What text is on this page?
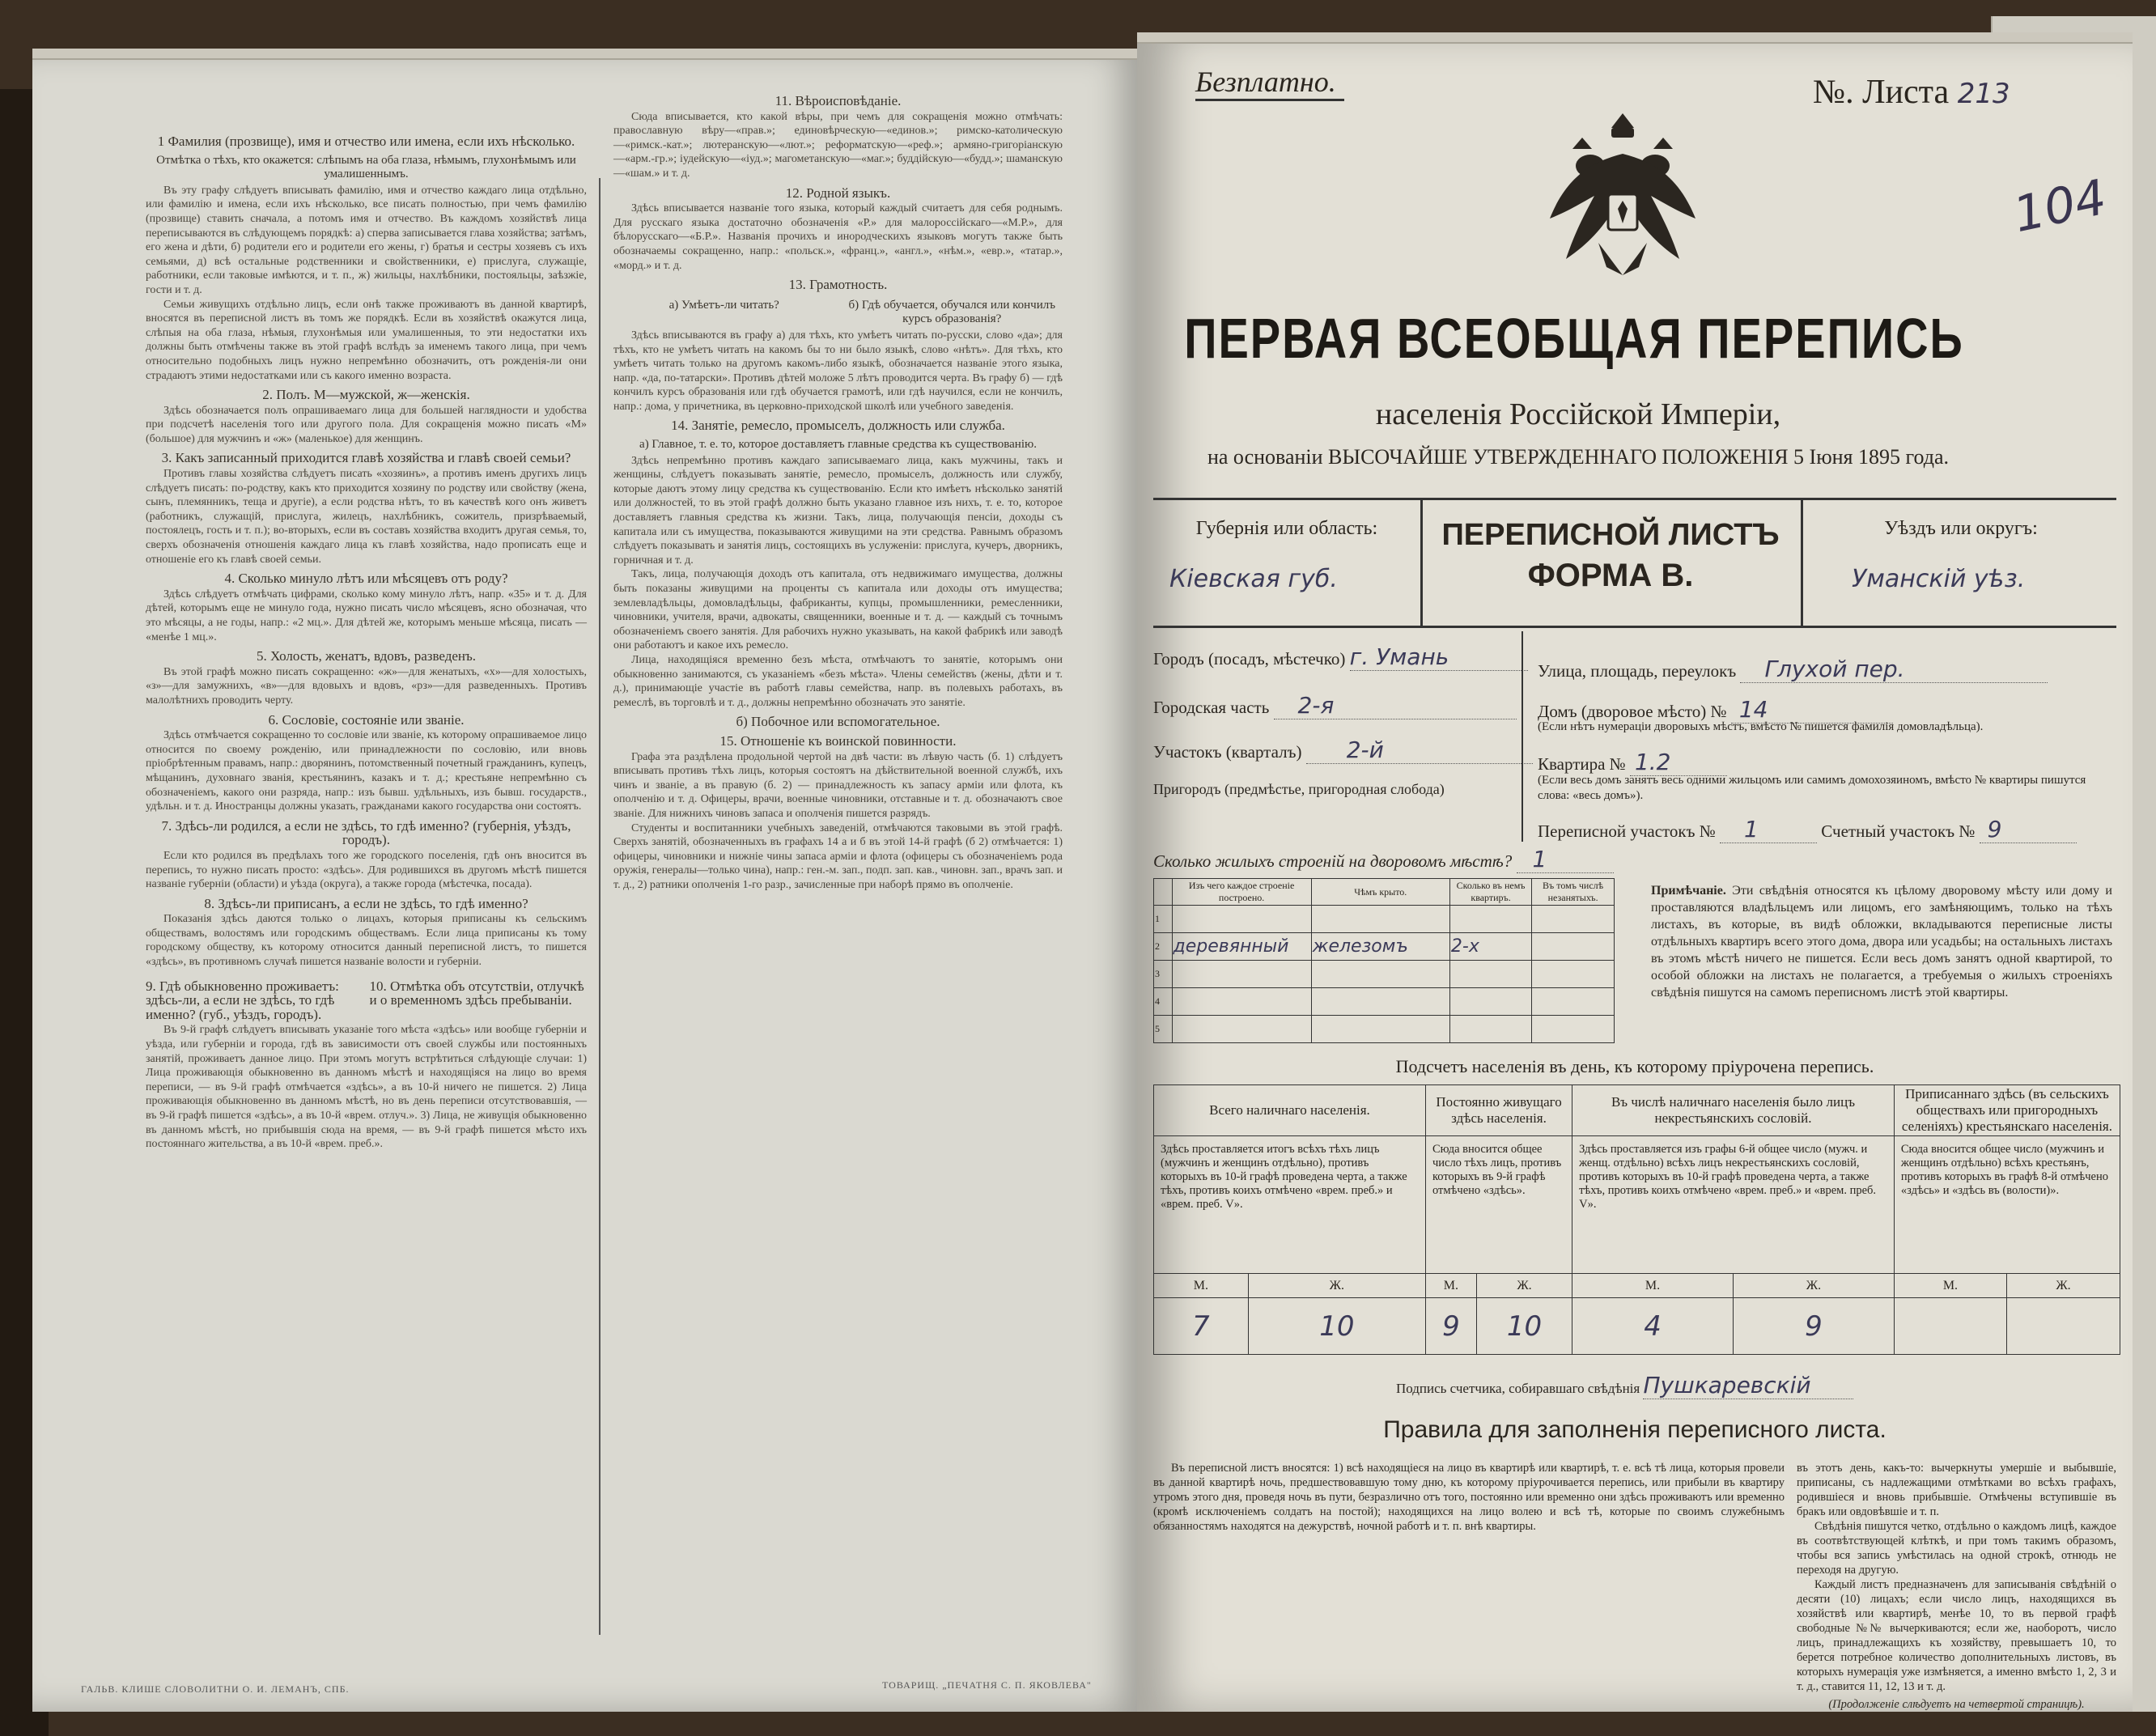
1 Фамилия (прозвище), имя и отчество или имена, если ихъ нѣсколько.
Отмѣтка о тѣхъ, кто окажется: слѣпымъ на оба глаза, нѣмымъ, глухонѣмымъ или умалишеннымъ.

Въ эту графу слѣдуетъ вписывать фамилію, имя и отчество каждаго лица отдѣльно, или фамилію и имена, если ихъ нѣсколько, все писать полностью, при чемъ фамилію (прозвище) ставить сначала, а потомъ имя и отчество. Въ каждомъ хозяйствѣ лица переписываются въ слѣдующемъ порядкѣ: а) сперва записывается глава хозяйства; затѣмъ, его жена и дѣти, б) родители его и родители его жены, г) братья и сестры хозяевъ съ ихъ семьями, д) всѣ остальные родственники и свойственники, е) прислуга, служащіе, работники, если таковые имѣются, и т. п., ж) жильцы, нахлѣбники, постояльцы, заѣзжіе, гости и т. д.

Семьи живущихъ отдѣльно лицъ, если онѣ также проживаютъ въ данной квартирѣ, вносятся въ переписной листъ въ томъ же порядкѣ. Если въ хозяйствѣ окажутся лица, слѣпыя на оба глаза, нѣмыя, глухонѣмыя или умалишенныя, то эти недостатки ихъ должны быть отмѣчены также въ этой графѣ вслѣдъ за именемъ такого лица, при чемъ относительно подобныхъ лицъ нужно непремѣнно обозначить, отъ рожденія-ли они страдаютъ этими недостатками или съ какого именно возраста.

2. Полъ. М—мужской, ж—женскія.

Здѣсь обозначается полъ опрашиваемаго лица для большей наглядности и удобства при подсчетѣ населенія того или другого пола. Для сокращенія можно писать «М» (большое) для мужчинъ и «ж» (маленькое) для женщинъ.

3. Какъ записанный приходится главѣ хозяйства и главѣ своей семьи?

Противъ главы хозяйства слѣдуетъ писать «хозяинъ», а противъ именъ другихъ лицъ слѣдуетъ писать: по-родству, какъ кто приходится хозяину по родству или свойству (жена, сынъ, племянникъ, теща и другіе), а если родства нѣтъ, то въ качествѣ кого онъ живетъ (работникъ, служащій, прислуга, жилецъ, нахлѣбникъ, сожитель, призрѣваемый, постоялецъ, гость и т. п.); во-вторыхъ, если въ составъ хозяйства входитъ другая семья, то, сверхъ обозначенія отношенія каждаго лица къ главѣ хозяйства, надо прописать еще и отношеніе его къ главѣ своей семьи.

4. Сколько минуло лѣтъ или мѣсяцевъ отъ роду?

Здѣсь слѣдуетъ отмѣчать цифрами, сколько кому минуло лѣтъ, напр. «35» и т. д. Для дѣтей, которымъ еще не минуло года, нужно писать число мѣсяцевъ, ясно обозначая, что это мѣсяцы, а не годы, напр.: «2 мц.». Для дѣтей же, которымъ меньше мѣсяца, писать — «менѣе 1 мц.».

5. Холость, женатъ, вдовъ, разведенъ.

Въ этой графѣ можно писать сокращенно: «ж»—для женатыхъ, «х»—для холостыхъ, «з»—для замужнихъ, «в»—для вдовыхъ и вдовъ, «рз»—для разведенныхъ. Противъ малолѣтнихъ проводить черту.

6. Сословіе, состояніе или званіе.

Здѣсь отмѣчается сокращенно то сословіе или званіе, къ которому опрашиваемое лицо относится по своему рожденію, или принадлежности по сословію, или вновь пріобрѣтенным правамъ, напр.: дворянинъ, потомственный почетный гражданинъ, купецъ, мѣщанинъ, духовнаго званія, крестьянинъ, казакъ и т. д.; крестьяне непремѣнно съ обозначеніемъ, какого они разряда, напр.: изъ бывш. удѣльныхъ, изъ бывш. государств., удѣльн. и т. д. Иностранцы должны указать, гражданами какого государства они состоятъ.

7. Здѣсь-ли родился, а если не здѣсь, то гдѣ именно? (губернія, уѣздъ, городъ).

Если кто родился въ предѣлахъ того же городского поселенія, гдѣ онъ вносится въ перепись, то нужно писать просто: «здѣсь». Для родившихся въ другомъ мѣстѣ пишется названіе губерніи (области) и уѣзда (округа), а также города (мѣстечка, посада).

8. Здѣсь-ли приписанъ, а если не здѣсь, то гдѣ именно?

Показанія здѣсь даются только о лицахъ, которыя приписаны къ сельскимъ обществамъ, волостямъ или городскимъ обществамъ. Если лица приписаны къ тому городскому обществу, къ которому относится данный переписной листъ, то пишется «здѣсь», въ противномъ случаѣ пишется названіе волости и губерніи.

9. Гдѣ обыкновенно проживаетъ: здѣсь-ли, а если не здѣсь, то гдѣ именно? (губ., уѣздъ, городъ).
10. Отмѣтка объ отсутствіи, отлучкѣ и о временномъ здѣсь пребываніи.

Въ 9-й графѣ слѣдуетъ вписывать указаніе того мѣста «здѣсь» или вообще губерніи и уѣзда, или губерніи и города, гдѣ въ зависимости отъ своей службы или постоянныхъ занятій, проживаетъ данное лицо. При этомъ могутъ встрѣтиться слѣдующіе случаи: 1) Лица проживающія обыкновенно въ данномъ мѣстѣ и находящіяся на лицо во время переписи, — въ 9-й графѣ отмѣчается «здѣсь», а въ 10-й ничего не пишется. 2) Лица проживающія обыкновенно въ данномъ мѣстѣ, но въ день переписи отсутствовавшія, — въ 9-й графѣ пишется «здѣсь», а въ 10-й «врем. отлуч.». 3) Лица, не живущія обыкновенно въ данномъ мѣстѣ, но прибывшія сюда на время, — въ 9-й графѣ пишется мѣсто ихъ постояннаго жительства, а въ 10-й «врем. преб.».

11. Вѣроисповѣданіе.

Сюда вписывается, кто какой вѣры, при чемъ для сокращенія можно отмѣчать: православную вѣру—«прав.»; единовѣрческую—«единов.»; римско-католическую—«римск.-кат.»; лютеранскую—«лют.»; реформатскую—«реф.»; армяно-григоріанскую—«арм.-гр.»; іудейскую—«іуд.»; магометанскую—«маг.»; буддійскую—«будд.»; шаманскую—«шам.» и т. д.

12. Родной языкъ.

Здѣсь вписывается названіе того языка, который каждый считаетъ для себя роднымъ. Для русскаго языка достаточно обозначенія «Р.» для малороссійскаго—«М.Р.», для бѣлорусскаго—«Б.Р.». Названія прочихъ и инородческихъ языковъ могутъ также быть обозначаемы сокращенно, напр.: «польск.», «франц.», «англ.», «нѣм.», «евр.», «татар.», «морд.» и т. д.

13. Грамотность.
а) Умѣетъ-ли читать?	б) Гдѣ обучается, обучался или кончилъ курсъ образованія?

Здѣсь вписываются въ графу а) для тѣхъ, кто умѣетъ читать по-русски, слово «да»; для тѣхъ, кто не умѣетъ читать на какомъ бы то ни было языкѣ, слово «нѣтъ». Для тѣхъ, кто умѣетъ читать только на другомъ какомъ-либо языкѣ, обозначается названіе этого языка, напр. «да, по-татарски». Противъ дѣтей моложе 5 лѣтъ проводится черта. Въ графу б) — гдѣ кончилъ курсъ образованія или гдѣ обучается грамотѣ, или гдѣ научился, если не кончилъ, напр.: дома, у причетника, въ церковно-приходской школѣ или учебного заведенія.

14. Занятіе, ремесло, промыселъ, должность или служба.
а) Главное, т. е. то, которое доставляетъ главные средства къ существованію.

Здѣсь непремѣнно противъ каждаго записываемаго лица, какъ мужчины, такъ и женщины, слѣдуетъ показывать занятіе, ремесло, промыселъ, должность или службу, которые даютъ этому лицу средства къ существованію. Если кто имѣетъ нѣсколько занятій или должностей, то въ этой графѣ должно быть указано главное изъ нихъ, т. е. то, которое доставляетъ главныя средства къ жизни. Такъ, лица, получающія пенсіи, доходы съ капитала или съ имущества, показываются живущими на эти средства. Равнымъ образомъ слѣдуетъ показывать и занятія лицъ, состоящихъ въ услуженіи: прислуга, кучеръ, дворникъ, горничная и т. д.

Такъ, лица, получающія доходъ отъ капитала, отъ недвижимаго имущества, должны быть показаны живущими на проценты съ капитала или доходы отъ имущества; землевладѣльцы, домовладѣльцы, фабриканты, купцы, промышленники, ремесленники, чиновники, учителя, врачи, адвокаты, священники, военные и т. д. — каждый съ точнымъ обозначеніемъ своего занятія. Для рабочихъ нужно указывать, на какой фабрикѣ или заводѣ они работаютъ и какое ихъ ремесло.

Лица, находящіяся временно безъ мѣста, отмѣчаютъ то занятіе, которымъ они обыкновенно занимаются, съ указаніемъ «безъ мѣста». Члены семействъ (жены, дѣти и т. д.), принимающіе участіе въ работѣ главы семейства, напр. въ полевыхъ работахъ, въ ремеслѣ, въ торговлѣ и т. д., должны непремѣнно обозначать это занятіе.

б) Побочное или вспомогательное.
15. Отношеніе къ воинской повинности.

Графа эта раздѣлена продольной чертой на двѣ части: въ лѣвую часть (б. 1) слѣдуетъ вписывать противъ тѣхъ лицъ, которыя состоятъ на дѣйствительной военной службѣ, ихъ чинъ и званіе, а въ правую (б. 2) — принадлежность къ запасу арміи или флота, къ ополченію и т. д. Офицеры, врачи, военные чиновники, отставные и т. д. обозначаютъ свое званіе. Для нижнихъ чиновъ запаса и ополченія пишется разрядъ.

Студенты и воспитанники учебныхъ заведеній, отмѣчаются таковыми въ этой графѣ. Сверхъ занятій, обозначенныхъ въ графахъ 14 а и б въ этой 14-й графѣ (б 2) отмѣчается: 1) офицеры, чиновники и нижніе чины запаса арміи и флота (офицеры съ обозначеніемъ рода оружія, генералы—только чина), напр.: ген.-м. зап., подп. зап. кав., чиновн. зап., врачъ зап. и т. д., 2) ратники ополченія 1-го разр., зачисленные при наборѣ прямо въ ополченіе.

ГАЛЬВ. КЛИШЕ СЛОВОЛИТНИ О. И. ЛЕМАНЪ, СПБ.	ТОВАРИЩ. „ПЕЧАТНЯ С. П. ЯКОВЛЕВА"
Безплатно.	№. Листа 213
104
ПЕРВАЯ ВСЕОБЩАЯ ПЕРЕПИСЬ
населенія Россійской Имперіи,
на основаніи ВЫСОЧАЙШЕ УТВЕРЖДЕННАГО ПОЛОЖЕНІЯ 5 Іюня 1895 года.
Губернія или область:
Кіевская губ.
ПЕРЕПИСНОЙ ЛИСТЪ
ФОРМА В.
Уѣздъ или округъ:
Уманскій уѣз.
Городъ (посадъ, мѣстечко) г. Умань
Городская часть 2-я
Участокъ (кварталъ) 2-й
Пригородъ (предмѣстье, пригородная слобода)
Улица, площадь, переулокъ Глухой пер.
Домъ (дворовое мѣсто) № 14
(Если нѣтъ нумераціи дворовыхъ мѣстъ, вмѣсто № пишется фамилія домовладѣльца).
Квартира № 1.2
(Если весь домъ занятъ весь одними жильцомъ или самимъ домохозяиномъ, вмѣсто № квартиры пишутся слова: «весь домъ»).
Переписной участокъ № 1	Счетный участокъ № 9
Сколько жилыхъ строеній на дворовомъ мѣстѣ? 1
	Изъ чего каждое строеніе построено.	Чѣмъ крыто.	Сколько въ немъ квартиръ.	Въ томъ числѣ незанятыхъ.
1				
2	деревянный	железомъ	2-х	
3				
4				
5				
Примѣчаніе. Эти свѣдѣнія относятся къ цѣлому дворовому мѣсту или дому и проставляются владѣльцемъ или лицомъ, его замѣняющимъ, только на тѣхъ листахъ, въ которые, въ видѣ обложки, вкладываются переписные листы отдѣльныхъ квартиръ всего этого дома, двора или усадьбы; на остальныхъ листахъ въ этомъ мѣстѣ ничего не пишется. Если весь домъ занятъ одной квартирой, то особой обложки на листахъ не полагается, а требуемыя о жилыхъ строеніяхъ свѣдѣнія пишутся на самомъ переписномъ листѣ этой квартиры.
Подсчетъ населенія въ день, къ которому пріурочена перепись.
Всего наличнаго населенія.		Постоянно живущаго здѣсь населенія.		Въ числѣ наличнаго населенія было лицъ некрестьянскихъ сословій.		Приписаннаго здѣсь (въ сельскихъ обществахъ или пригородныхъ селеніяхъ) крестьянскаго населенія.	
Здѣсь проставляется итогъ всѣхъ тѣхъ лицъ (мужчинъ и женщинъ отдѣльно), противъ которыхъ въ 10-й графѣ проведена черта, а также тѣхъ, противъ коихъ отмѣчено «врем. преб.» и «врем. преб. V».		Сюда вносится общее число тѣхъ лицъ, противъ которыхъ въ 9-й графѣ отмѣчено «здѣсь».		Здѣсь проставляется изъ графы 6-й общее число (мужч. и женщ. отдѣльно) всѣхъ лицъ некрестьянскихъ сословій, противъ которыхъ въ 10-й графѣ проведена черта, а также тѣхъ, противъ коихъ отмѣчено «врем. преб.» и «врем. преб. V».		Сюда вносится общее число (мужчинъ и женщинъ отдѣльно) всѣхъ крестьянъ, противъ которыхъ въ графѣ 8-й отмѣчено «здѣсь» и «здѣсь въ (волости)».	
М.	Ж.	М.	Ж.	М.	Ж.	М.	Ж.
7	10	9	10	4	9		
Подпись счетчика, собиравшаго свѣдѣнія Пушкаревскій
Правила для заполненія переписного листа.

Въ переписной листъ вносятся: 1) всѣ находящіеся на лицо въ квартирѣ или квартирѣ, т. е. всѣ тѣ лица, которыя провели въ данной квартирѣ ночь, предшествовавшую тому дню, къ которому пріурочивается перепись, или прибыли въ квартиру утромъ этого дня, проведя ночь въ пути, безразлично отъ того, постоянно или временно они здѣсь проживаютъ или временно (кромѣ исключеніемъ солдатъ на постой); находящихся на лицо волею и всѣ тѣ, которые по своимъ служебнымъ обязанностямъ находятся на дежурствѣ, ночной работѣ и т. п. внѣ квартиры.

въ этотъ день, какъ-то: вычеркнуты умершіе и выбывшіе, приписаны, съ надлежащими отмѣтками во всѣхъ графахъ, родившіеся и вновь прибывшіе. Отмѣчены вступившіе въ бракъ или овдовѣвшіе и т. п.

Свѣдѣнія пишутся четко, отдѣльно о каждомъ лицѣ, каждое въ соотвѣтствующей клѣткѣ, и при томъ такимъ образомъ, чтобы вся запись умѣстилась на одной строкѣ, отнюдь не переходя на другую.

Каждый листъ предназначенъ для записыванія свѣдѣній о десяти (10) лицахъ; если число лицъ, находящихся въ хозяйствѣ или квартирѣ, менѣе 10, то въ первой графѣ свободные №№ вычеркиваются; если же, наоборотъ, число лицъ, принадлежащихъ къ хозяйству, превышаетъ 10, то берется потребное количество дополнительныхъ листовъ, въ которыхъ нумерація уже измѣняется, а именно вмѣсто 1, 2, 3 и т. д., ставится 11, 12, 13 и т. д.

(Продолженіе слѣдуетъ на четвертой страницѣ).
